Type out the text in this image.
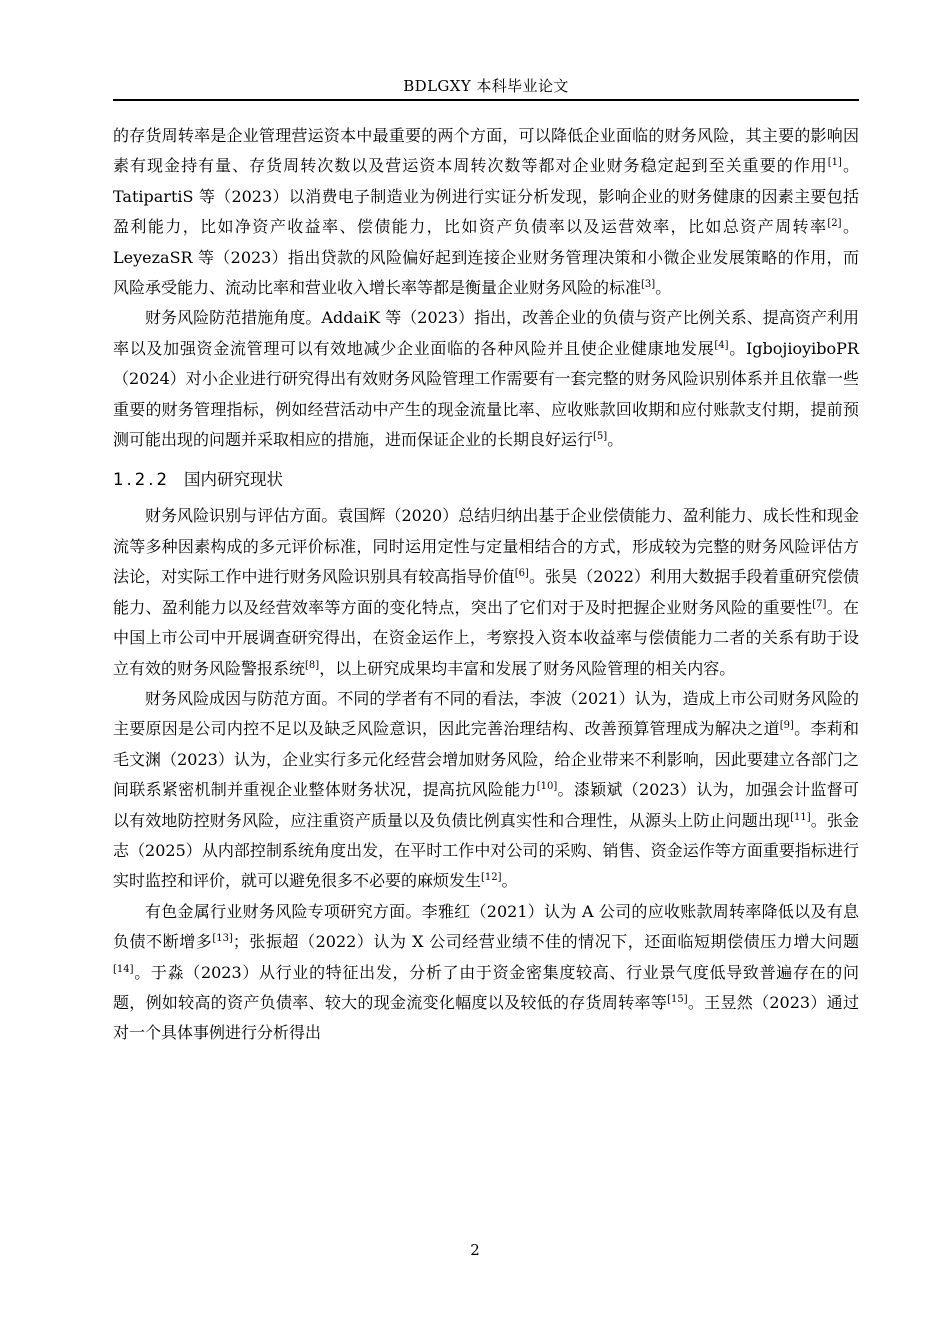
BDLGXY 本科毕业论文

的存货周转率是企业管理营运资本中最重要的两个方面，可以降低企业面临的财务风险，其主要的影响因素有现金持有量、存货周转次数以及营运资本周转次数等都对企业财务稳定起到至关重要的作用[1]。TatipartiS 等（2023）以消费电子制造业为例进行实证分析发现，影响企业的财务健康的因素主要包括盈利能力，比如净资产收益率、偿债能力，比如资产负债率以及运营效率，比如总资产周转率[2]。LeyezaSR 等（2023）指出贷款的风险偏好起到连接企业财务管理决策和小微企业发展策略的作用，而风险承受能力、流动比率和营业收入增长率等都是衡量企业财务风险的标准[3]。

财务风险防范措施角度。AddaiK 等（2023）指出，改善企业的负债与资产比例关系、提高资产利用率以及加强资金流管理可以有效地减少企业面临的各种风险并且使企业健康地发展[4]。IgbojioyiboPR（2024）对小企业进行研究得出有效财务风险管理工作需要有一套完整的财务风险识别体系并且依靠一些重要的财务管理指标，例如经营活动中产生的现金流量比率、应收账款回收期和应付账款支付期，提前预测可能出现的问题并采取相应的措施，进而保证企业的长期良好运行[5]。

1.2.2 国内研究现状

财务风险识别与评估方面。袁国辉（2020）总结归纳出基于企业偿债能力、盈利能力、成长性和现金流等多种因素构成的多元评价标准，同时运用定性与定量相结合的方式，形成较为完整的财务风险评估方法论，对实际工作中进行财务风险识别具有较高指导价值[6]。张昊（2022）利用大数据手段着重研究偿债能力、盈利能力以及经营效率等方面的变化特点，突出了它们对于及时把握企业财务风险的重要性[7]。在中国上市公司中开展调查研究得出，在资金运作上，考察投入资本收益率与偿债能力二者的关系有助于设立有效的财务风险警报系统[8]，以上研究成果均丰富和发展了财务风险管理的相关内容。

财务风险成因与防范方面。不同的学者有不同的看法，李波（2021）认为，造成上市公司财务风险的主要原因是公司内控不足以及缺乏风险意识，因此完善治理结构、改善预算管理成为解决之道[9]。李莉和毛文渊（2023）认为，企业实行多元化经营会增加财务风险，给企业带来不利影响，因此要建立各部门之间联系紧密机制并重视企业整体财务状况，提高抗风险能力[10]。漆颖斌（2023）认为，加强会计监督可以有效地防控财务风险，应注重资产质量以及负债比例真实性和合理性，从源头上防止问题出现[11]。张金志（2025）从内部控制系统角度出发，在平时工作中对公司的采购、销售、资金运作等方面重要指标进行实时监控和评价，就可以避免很多不必要的麻烦发生[12]。

有色金属行业财务风险专项研究方面。李雅红（2021）认为 A 公司的应收账款周转率降低以及有息负债不断增多[13]；张振超（2022）认为 X 公司经营业绩不佳的情况下，还面临短期偿债压力增大问题[14]。于淼（2023）从行业的特征出发，分析了由于资金密集度较高、行业景气度低导致普遍存在的问题，例如较高的资产负债率、较大的现金流变化幅度以及较低的存货周转率等[15]。王昱然（2023）通过对一个具体事例进行分析得出

2
